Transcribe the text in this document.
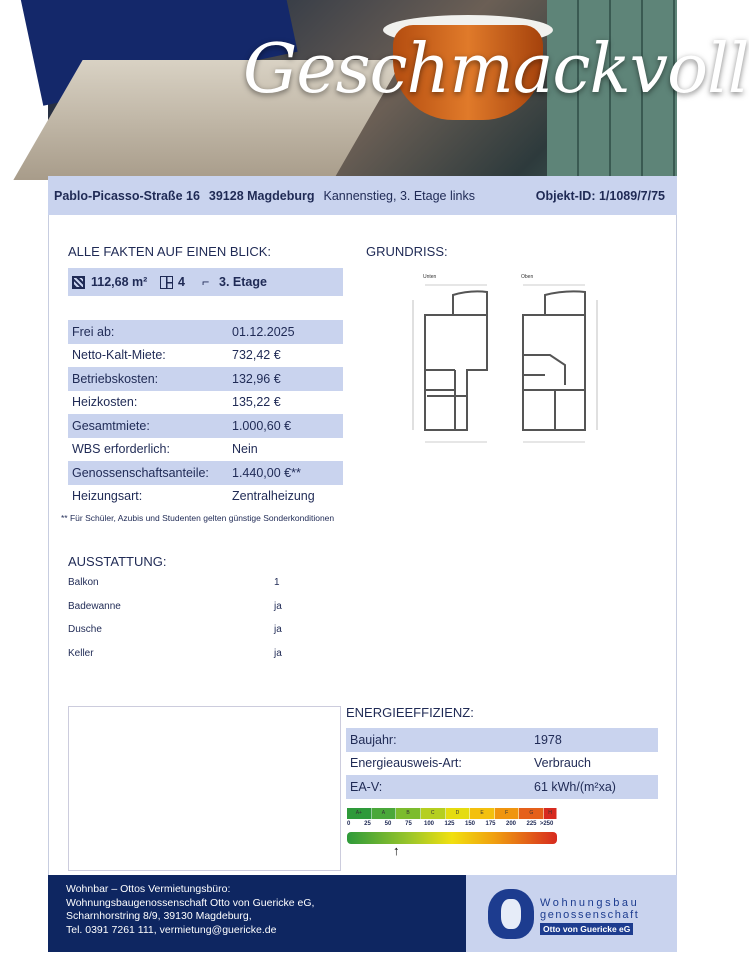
Geschmackvoll
Pablo-Picasso-Straße 16 39128 Magdeburg Kannenstieg, 3. Etage links	Objekt-ID: 1/1089/7/75
ALLE FAKTEN AUF EINEN BLICK:
112,68 m² 4 ⌐ 3. Etage
Frei ab:	01.12.2025
Netto-Kalt-Miete:	732,42 €
Betriebskosten:	132,96 €
Heizkosten:	135,22 €
Gesamtmiete:	1.000,60 €
WBS erforderlich:	Nein
Genossenschaftsanteile: 1.440,00 €**
Heizungsart:	Zentralheizung
** Für Schüler, Azubis und Studenten gelten günstige Sonderkonditionen
GRUNDRISS:
Unten	Oben
AUSSTATTUNG:
Balkon	1
Badewanne	ja
Dusche	ja
Keller	ja
ENERGIEEFFIZIENZ:
Baujahr:	1978
Energieausweis-Art:	Verbrauch
EA-V:	61 kWh/(m²xa)
A+	A	B	C	D	E	F	G	H
0 25 50 75 100 125 150 175 200 225 >250
↑
Wohnbar – Ottos Vermietungsbüro:
Wohnungsbaugenossenschaft Otto von Guericke eG,
Scharnhorstring 8/9, 39130 Magdeburg,
Tel. 0391 7261 111, vermietung@guericke.de
Wohnungsbau
genossenschaft
Otto von Guericke eG
